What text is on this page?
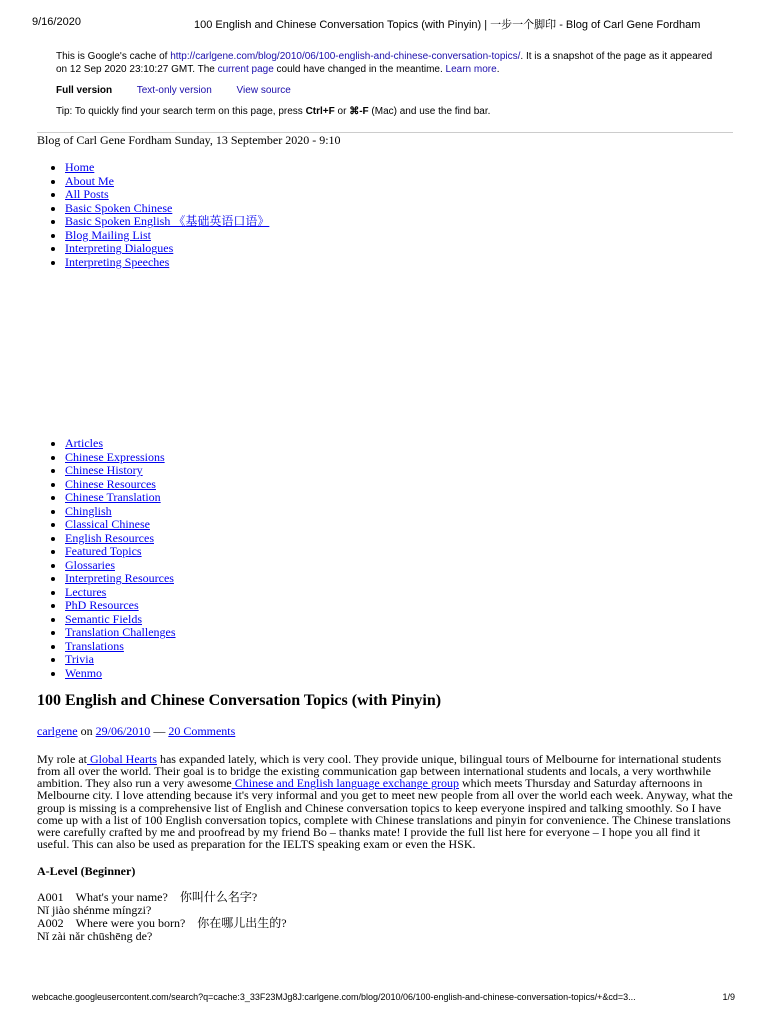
9/16/2020	100 English and Chinese Conversation Topics (with Pinyin) | 一步一个脚印 - Blog of Carl Gene Fordham
This is Google's cache of http://carlgene.com/blog/2010/06/100-english-and-chinese-conversation-topics/. It is a snapshot of the page as it appeared on 12 Sep 2020 23:10:27 GMT. The current page could have changed in the meantime. Learn more.
Full version Text-only version View source
Tip: To quickly find your search term on this page, press Ctrl+F or ⌘-F (Mac) and use the find bar.

Blog of Carl Gene Fordham Sunday, 13 September 2020 - 9:10

• Home
• About Me
• All Posts
• Basic Spoken Chinese
• Basic Spoken English 《基础英语口语》
• Blog Mailing List
• Interpreting Dialogues
• Interpreting Speeches
• Articles
• Chinese Expressions
• Chinese History
• Chinese Resources
• Chinese Translation
• Chinglish
• Classical Chinese
• English Resources
• Featured Topics
• Glossaries
• Interpreting Resources
• Lectures
• PhD Resources
• Semantic Fields
• Translation Challenges
• Translations
• Trivia
• Wenmo
100 English and Chinese Conversation Topics (with Pinyin)
carlgene on 29/06/2010 — 20 Comments
My role at Global Hearts has expanded lately, which is very cool. They provide unique, bilingual tours of Melbourne for international students from all over the world. Their goal is to bridge the existing communication gap between international students and locals, a very worthwhile ambition. They also run a very awesome Chinese and English language exchange group which meets Thursday and Saturday afternoons in Melbourne city. I love attending because it's very informal and you get to meet new people from all over the world each week. Anyway, what the group is missing is a comprehensive list of English and Chinese conversation topics to keep everyone inspired and talking smoothly. So I have come up with a list of 100 English conversation topics, complete with Chinese translations and pinyin for convenience. The Chinese translations were carefully crafted by me and proofread by my friend Bo – thanks mate! I provide the full list here for everyone – I hope you all find it useful. This can also be used as preparation for the IELTS speaking exam or even the HSK.
A-Level (Beginner)
A001 What's your name? 你叫什么名字?
Nǐ jiào shénme míngzi?
A002 Where were you born? 你在哪儿出生的?
Nǐ zài nǎr chūshēng de?
webcache.googleusercontent.com/search?q=cache:3_33F23MJg8J:carlgene.com/blog/2010/06/100-english-and-chinese-conversation-topics/+&cd=3...	1/9
